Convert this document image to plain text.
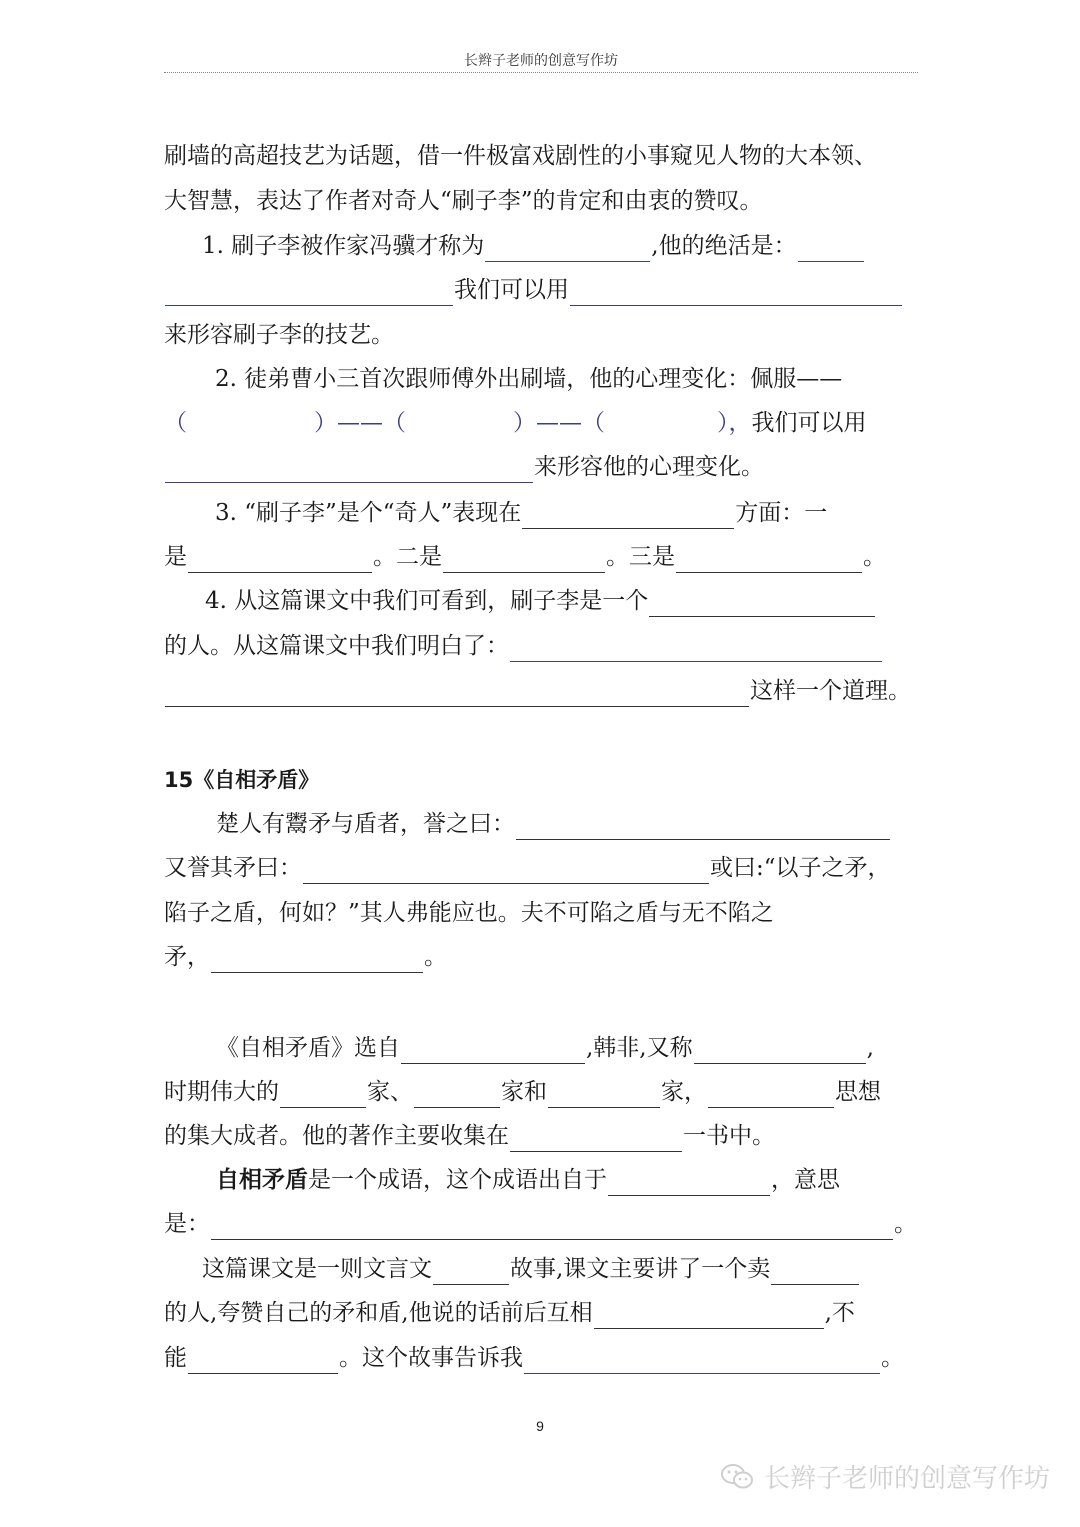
长辫子老师的创意写作坊
刷墙的高超技艺为话题，借一件极富戏剧性的小事窥见人物的大本领、
大智慧，表达了作者对奇人“刷子李”的肯定和由衷的赞叹。
1. 刷子李被作家冯骥才称为	,他的绝活是：
我们可以用
来形容刷子李的技艺。
2. 徒弟曹小三首次跟师傅外出刷墙，他的心理变化：佩服——
（	）——（	）——（	），我们可以用
来形容他的心理变化。
3. “刷子李”是个“奇人”表现在	方面：一
是	。二是	。三是	。
4. 从这篇课文中我们可看到，刷子李是一个
的人。从这篇课文中我们明白了：
这样一个道理。
15《自相矛盾》
楚人有鬻矛与盾者，誉之曰：
又誉其矛曰：	或曰:“以子之矛，
陷子之盾，何如？”其人弗能应也。夫不可陷之盾与无不陷之
矛，	。
《自相矛盾》选自	,韩非,又称	,
时期伟大的	家、	家和	家，	思想
的集大成者。他的著作主要收集在	一书中。
自相矛盾是一个成语，这个成语出自于	，意思
是：	。
这篇课文是一则文言文	故事,课文主要讲了一个卖
的人,夸赞自己的矛和盾,他说的话前后互相	,不
能	。这个故事告诉我	。
9
长辫子老师的创意写作坊
